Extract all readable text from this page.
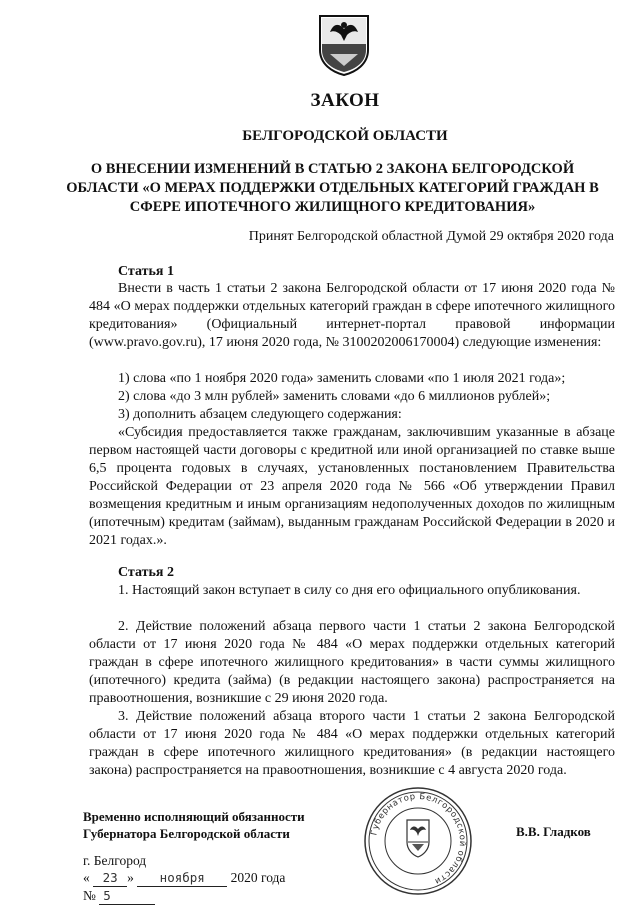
ЗАКОН
БЕЛГОРОДСКОЙ ОБЛАСТИ
О ВНЕСЕНИИ ИЗМЕНЕНИЙ В СТАТЬЮ 2 ЗАКОНА БЕЛГОРОДСКОЙ ОБЛАСТИ «О МЕРАХ ПОДДЕРЖКИ ОТДЕЛЬНЫХ КАТЕГОРИЙ ГРАЖДАН В СФЕРЕ ИПОТЕЧНОГО ЖИЛИЩНОГО КРЕДИТОВАНИЯ»
Принят Белгородской областной Думой 29 октября 2020 года
Статья 1
Внести в часть 1 статьи 2 закона Белгородской области от 17 июня 2020 года № 484 «О мерах поддержки отдельных категорий граждан в сфере ипотечного жилищного кредитования» (Официальный интернет-портал правовой информации (www.pravo.gov.ru), 17 июня 2020 года, № 3100202006170004) следующие изменения:
1) слова «по 1 ноября 2020 года» заменить словами «по 1 июля 2021 года»;
2) слова «до 3 млн рублей» заменить словами «до 6 миллионов рублей»;
3) дополнить абзацем следующего содержания:
«Субсидия предоставляется также гражданам, заключившим указанные в абзаце первом настоящей части договоры с кредитной или иной организацией по ставке выше 6,5 процента годовых в случаях, установленных постановлением Правительства Российской Федерации от 23 апреля 2020 года № 566 «Об утверждении Правил возмещения кредитным и иным организациям недополученных доходов по жилищным (ипотечным) кредитам (займам), выданным гражданам Российской Федерации в 2020 и 2021 годах.».
Статья 2
1. Настоящий закон вступает в силу со дня его официального опубликования.
2. Действие положений абзаца первого части 1 статьи 2 закона Белгородской области от 17 июня 2020 года № 484 «О мерах поддержки отдельных категорий граждан в сфере ипотечного жилищного кредитования» в части суммы жилищного (ипотечного) кредита (займа) (в редакции настоящего закона) распространяется на правоотношения, возникшие с 29 июня 2020 года.
3. Действие положений абзаца второго части 1 статьи 2 закона Белгородской области от 17 июня 2020 года № 484 «О мерах поддержки отдельных категорий граждан в сфере ипотечного жилищного кредитования» (в редакции настоящего закона) распространяется на правоотношения, возникшие с 4 августа 2020 года.
Временно исполняющий обязанности
Губернатора Белгородской области	Губернатор Белгородской области
В.В. Гладков
г. Белгород
« 23 » ноября 2020 года
№ 5
